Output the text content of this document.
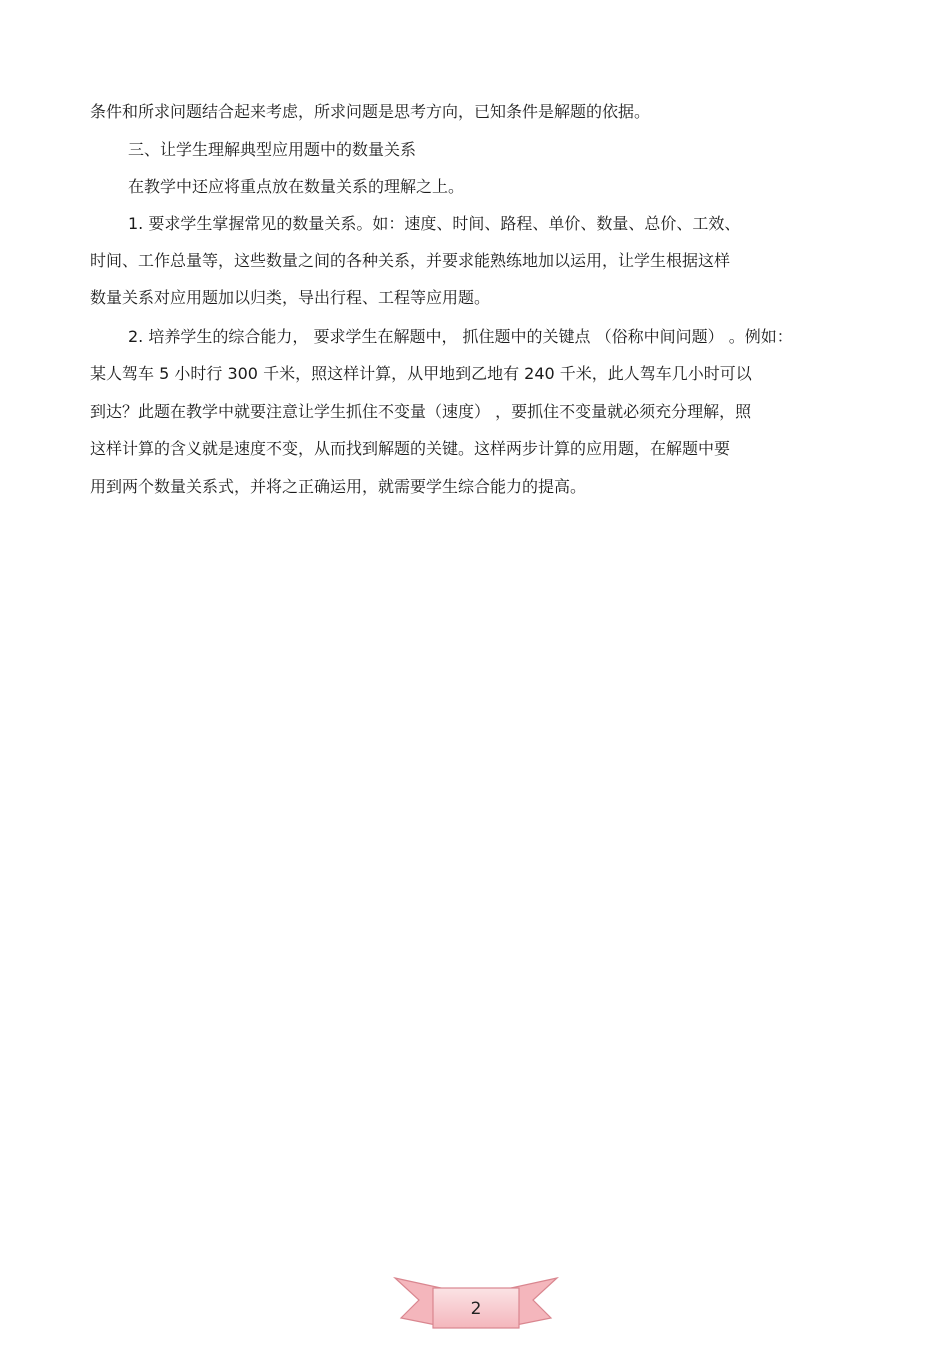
条件和所求问题结合起来考虑，所求问题是思考方向，已知条件是解题的依据。
三、让学生理解典型应用题中的数量关系
在教学中还应将重点放在数量关系的理解之上。
1. 要求学生掌握常见的数量关系。如：速度、时间、路程、单价、数量、总价、工效、
时间、工作总量等，这些数量之间的各种关系，并要求能熟练地加以运用，让学生根据这样
数量关系对应用题加以归类，导出行程、工程等应用题。
2. 培养学生的综合能力， 要求学生在解题中， 抓住题中的关键点 （俗称中间问题） 。例如：
某人驾车 5 小时行 300 千米，照这样计算，从甲地到乙地有 240 千米，此人驾车几小时可以
到达？此题在教学中就要注意让学生抓住不变量（速度） ，要抓住不变量就必须充分理解，照
这样计算的含义就是速度不变，从而找到解题的关键。这样两步计算的应用题，在解题中要
用到两个数量关系式，并将之正确运用，就需要学生综合能力的提高。
2
